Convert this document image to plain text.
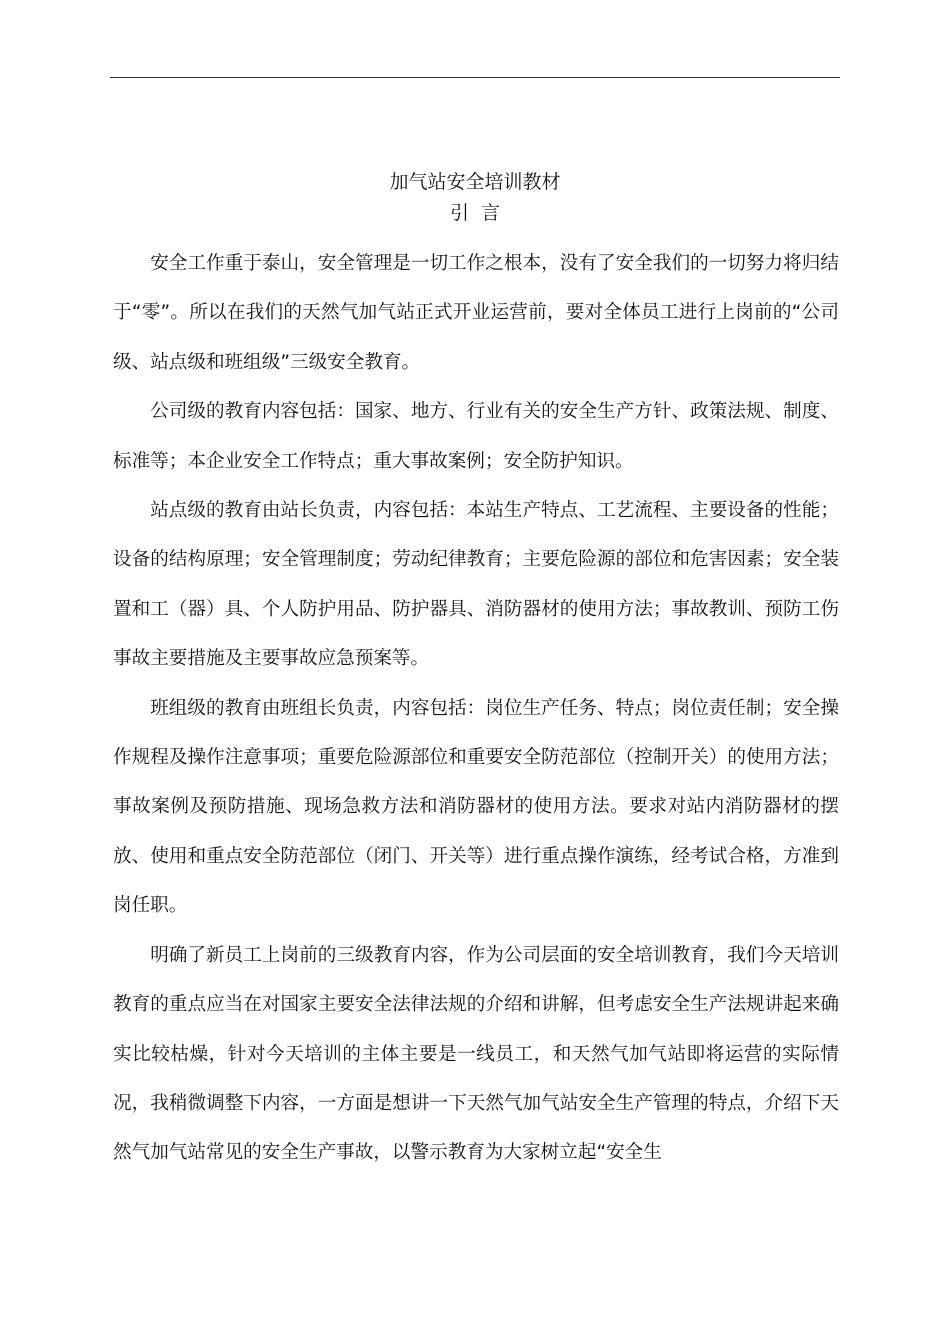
加气站安全培训教材
引 言

安全工作重于泰山，安全管理是一切工作之根本，没有了安全我们的一切努力将归结于“零”。所以在我们的天然气加气站正式开业运营前，要对全体员工进行上岗前的“公司级、站点级和班组级”三级安全教育。

公司级的教育内容包括：国家、地方、行业有关的安全生产方针、政策法规、制度、标准等；本企业安全工作特点；重大事故案例；安全防护知识。

站点级的教育由站长负责，内容包括：本站生产特点、工艺流程、主要设备的性能；设备的结构原理；安全管理制度；劳动纪律教育；主要危险源的部位和危害因素；安全装置和工（器）具、个人防护用品、防护器具、消防器材的使用方法；事故教训、预防工伤事故主要措施及主要事故应急预案等。

班组级的教育由班组长负责，内容包括：岗位生产任务、特点；岗位责任制；安全操作规程及操作注意事项；重要危险源部位和重要安全防范部位（控制开关）的使用方法；事故案例及预防措施、现场急救方法和消防器材的使用方法。要求对站内消防器材的摆放、使用和重点安全防范部位（闭门、开关等）进行重点操作演练，经考试合格，方准到岗任职。

明确了新员工上岗前的三级教育内容，作为公司层面的安全培训教育，我们今天培训教育的重点应当在对国家主要安全法律法规的介绍和讲解，但考虑安全生产法规讲起来确实比较枯燥，针对今天培训的主体主要是一线员工，和天然气加气站即将运营的实际情况，我稍微调整下内容，一方面是想讲一下天然气加气站安全生产管理的特点，介绍下天然气加气站常见的安全生产事故，以警示教育为大家树立起“安全生
